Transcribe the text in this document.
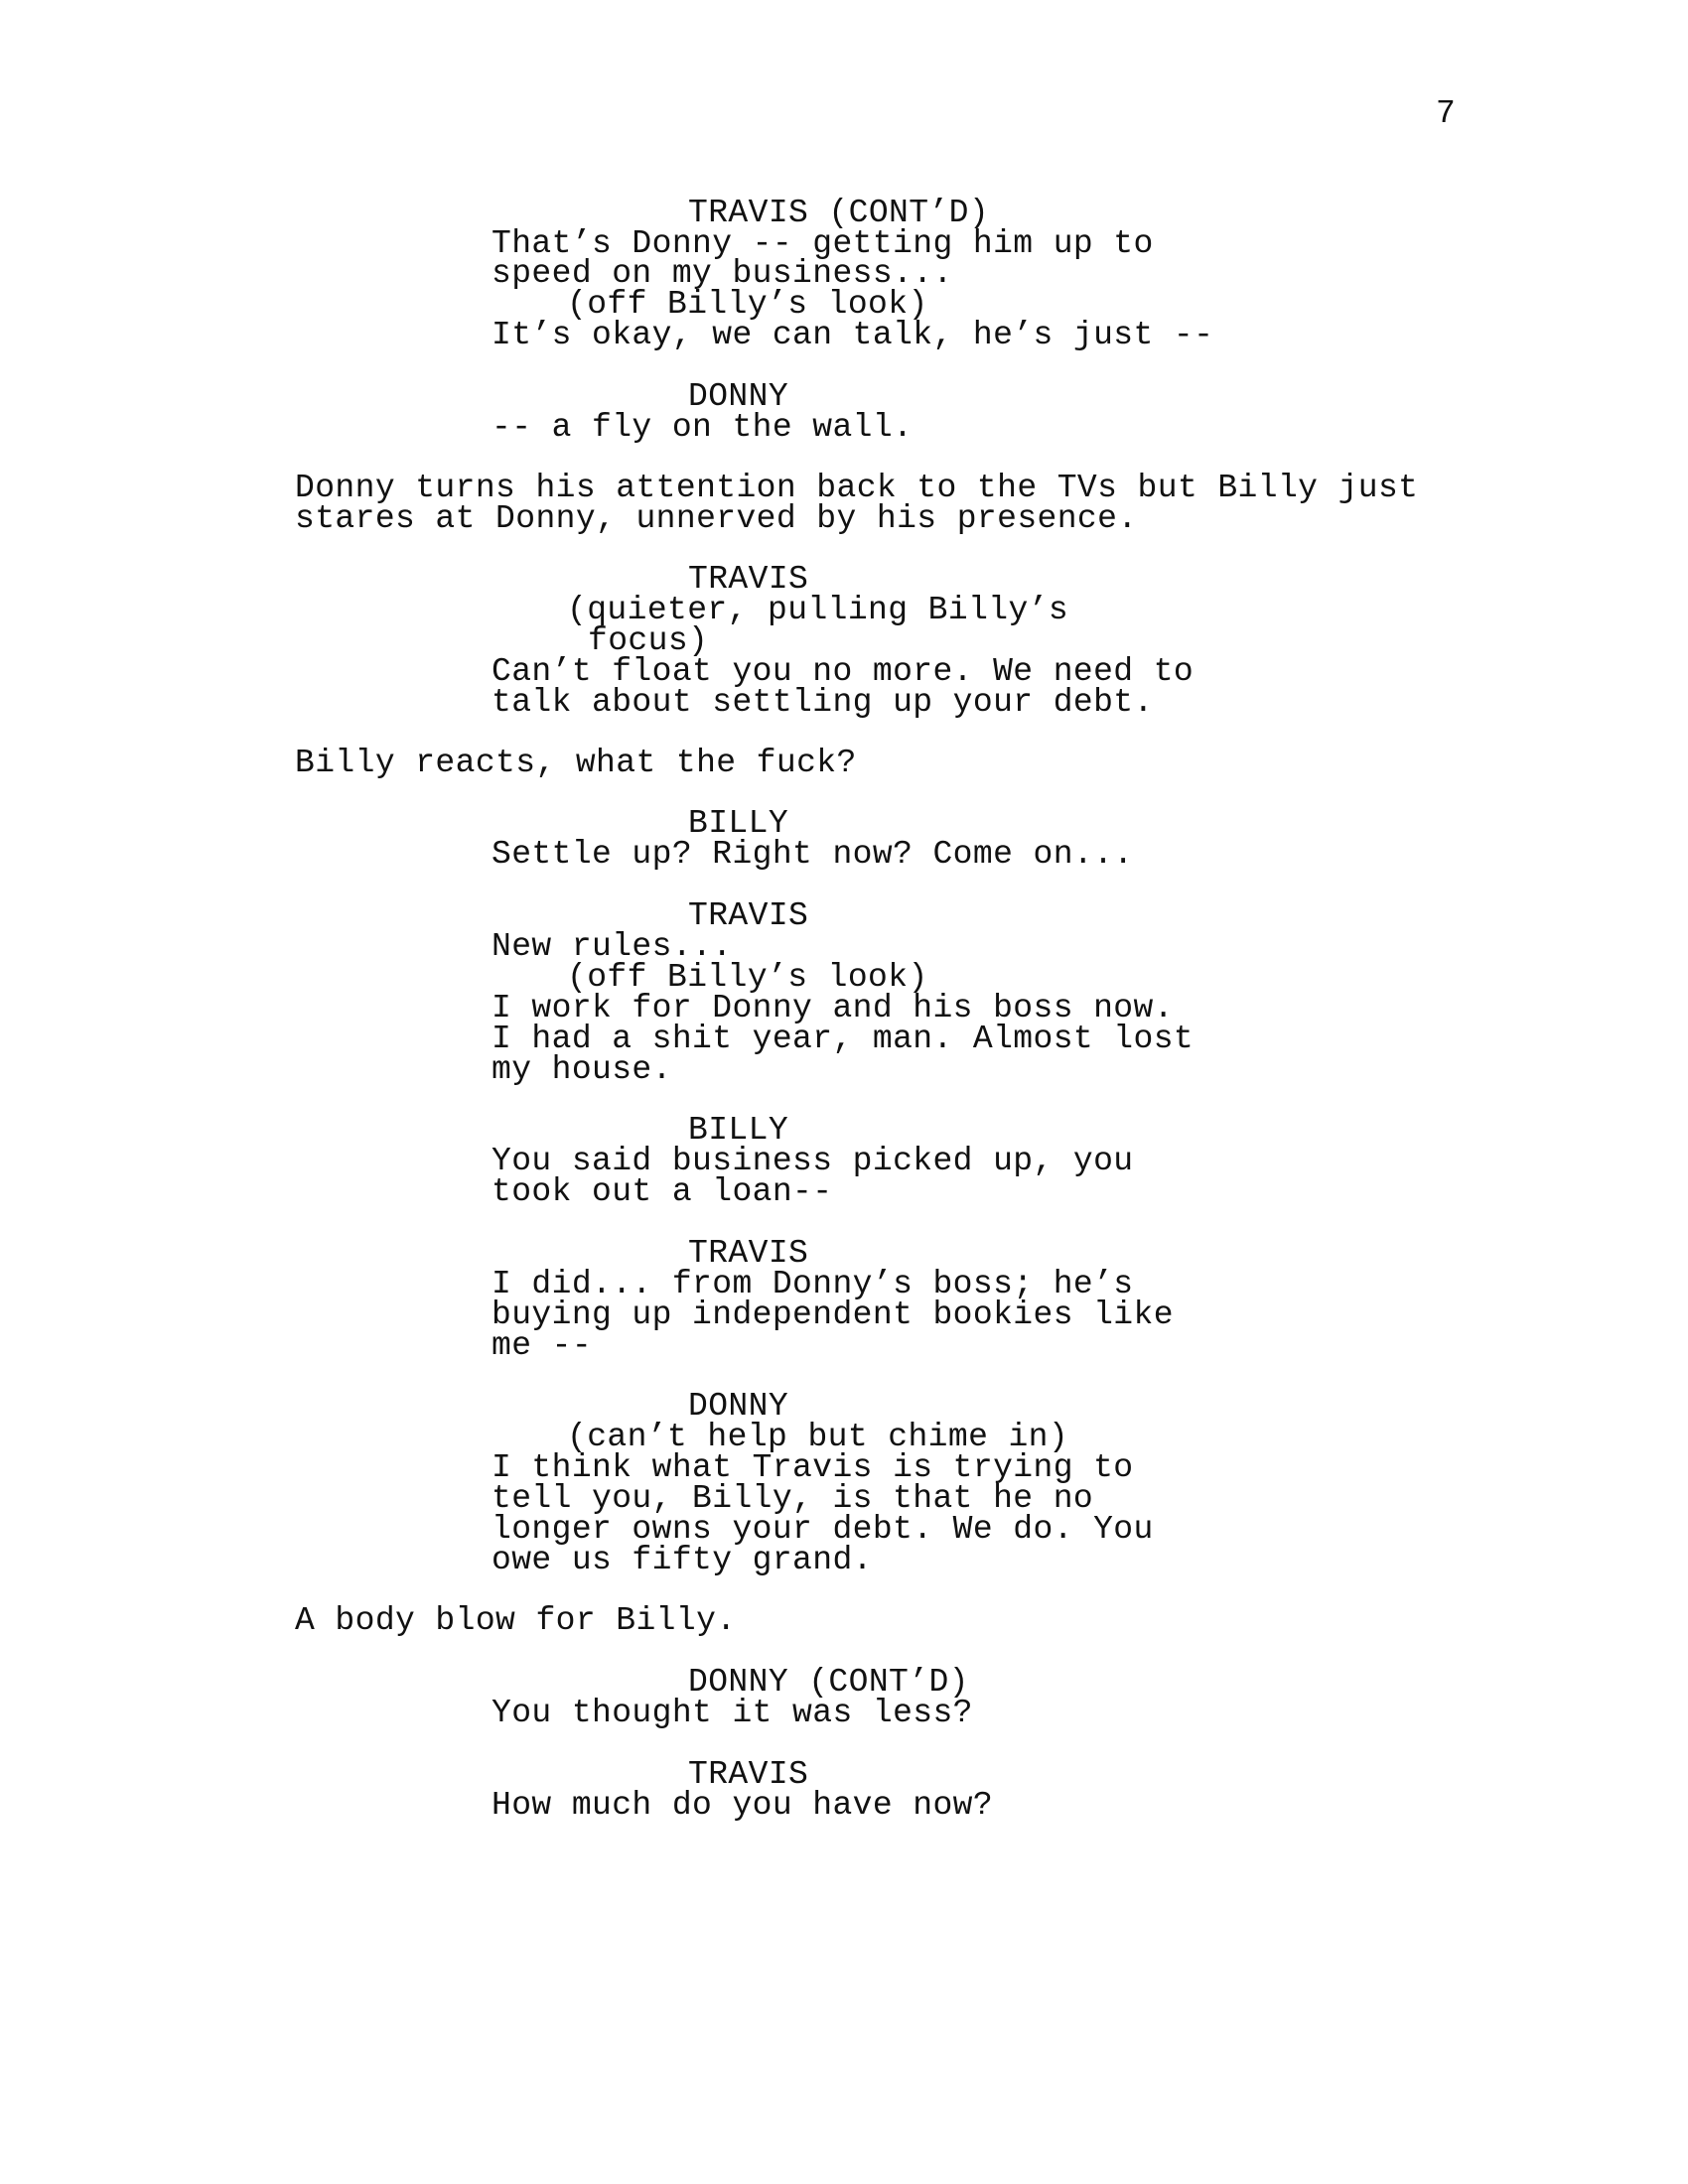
7
TRAVIS (CONT’D)
That’s Donny -- getting him up to
speed on my business...
(off Billy’s look)
It’s okay, we can talk, he’s just --
DONNY
-- a fly on the wall.
Donny turns his attention back to the TVs but Billy just
stares at Donny, unnerved by his presence.
TRAVIS
(quieter, pulling Billy’s
focus)
Can’t float you no more. We need to
talk about settling up your debt.
Billy reacts, what the fuck?
BILLY
Settle up? Right now? Come on...
TRAVIS
New rules...
(off Billy’s look)
I work for Donny and his boss now.
I had a shit year, man. Almost lost
my house.
BILLY
You said business picked up, you
took out a loan--
TRAVIS
I did... from Donny’s boss; he’s
buying up independent bookies like
me --
DONNY
(can’t help but chime in)
I think what Travis is trying to
tell you, Billy, is that he no
longer owns your debt. We do. You
owe us fifty grand.
A body blow for Billy.
DONNY (CONT’D)
You thought it was less?
TRAVIS
How much do you have now?
